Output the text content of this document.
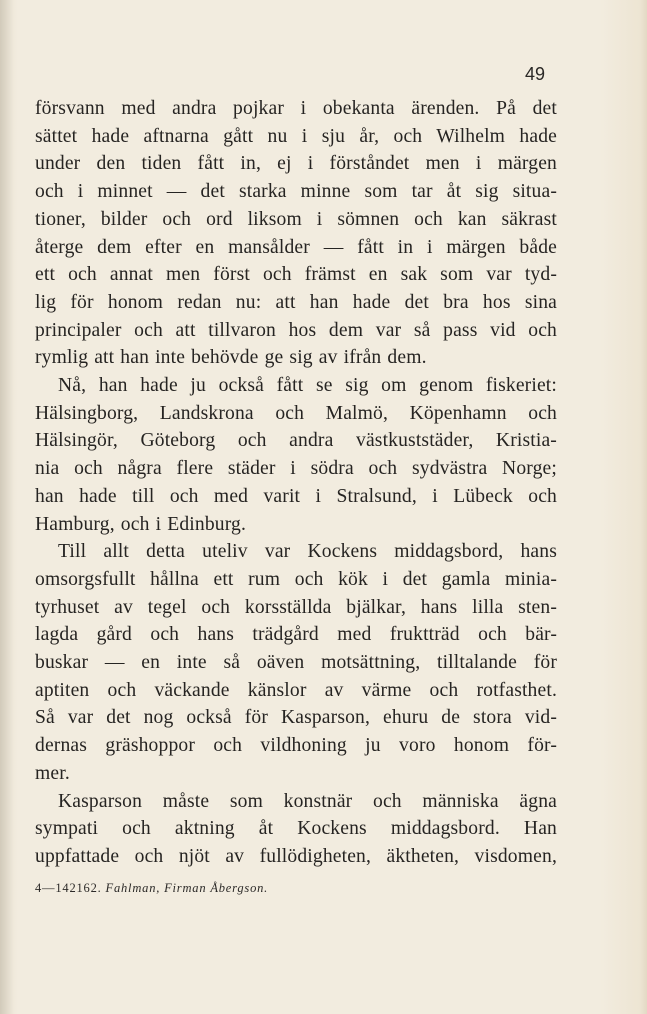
49
försvann med andra pojkar i obekanta ärenden. På det
sättet hade aftnarna gått nu i sju år, och Wilhelm hade
under den tiden fått in, ej i förståndet men i märgen
och i minnet — det starka minne som tar åt sig situa-
tioner, bilder och ord liksom i sömnen och kan säkrast
återge dem efter en mansålder — fått in i märgen både
ett och annat men först och främst en sak som var tyd-
lig för honom redan nu: att han hade det bra hos sina
principaler och att tillvaron hos dem var så pass vid och
rymlig att han inte behövde ge sig av ifrån dem.
Nå, han hade ju också fått se sig om genom fiskeriet:
Hälsingborg, Landskrona och Malmö, Köpenhamn och
Hälsingör, Göteborg och andra västkuststäder, Kristia-
nia och några flere städer i södra och sydvästra Norge;
han hade till och med varit i Stralsund, i Lübeck och
Hamburg, och i Edinburg.
Till allt detta uteliv var Kockens middagsbord, hans
omsorgsfullt hållna ett rum och kök i det gamla minia-
tyrhuset av tegel och korsställda bjälkar, hans lilla sten-
lagda gård och hans trädgård med fruktträd och bär-
buskar — en inte så oäven motsättning, tilltalande för
aptiten och väckande känslor av värme och rotfasthet.
Så var det nog också för Kasparson, ehuru de stora vid-
dernas gräshoppor och vildhoning ju voro honom för-
mer.
Kasparson måste som konstnär och människa ägna
sympati och aktning åt Kockens middagsbord. Han
uppfattade och njöt av fullödigheten, äktheten, visdomen,
4—142162. Fahlman, Firman Åbergson.
